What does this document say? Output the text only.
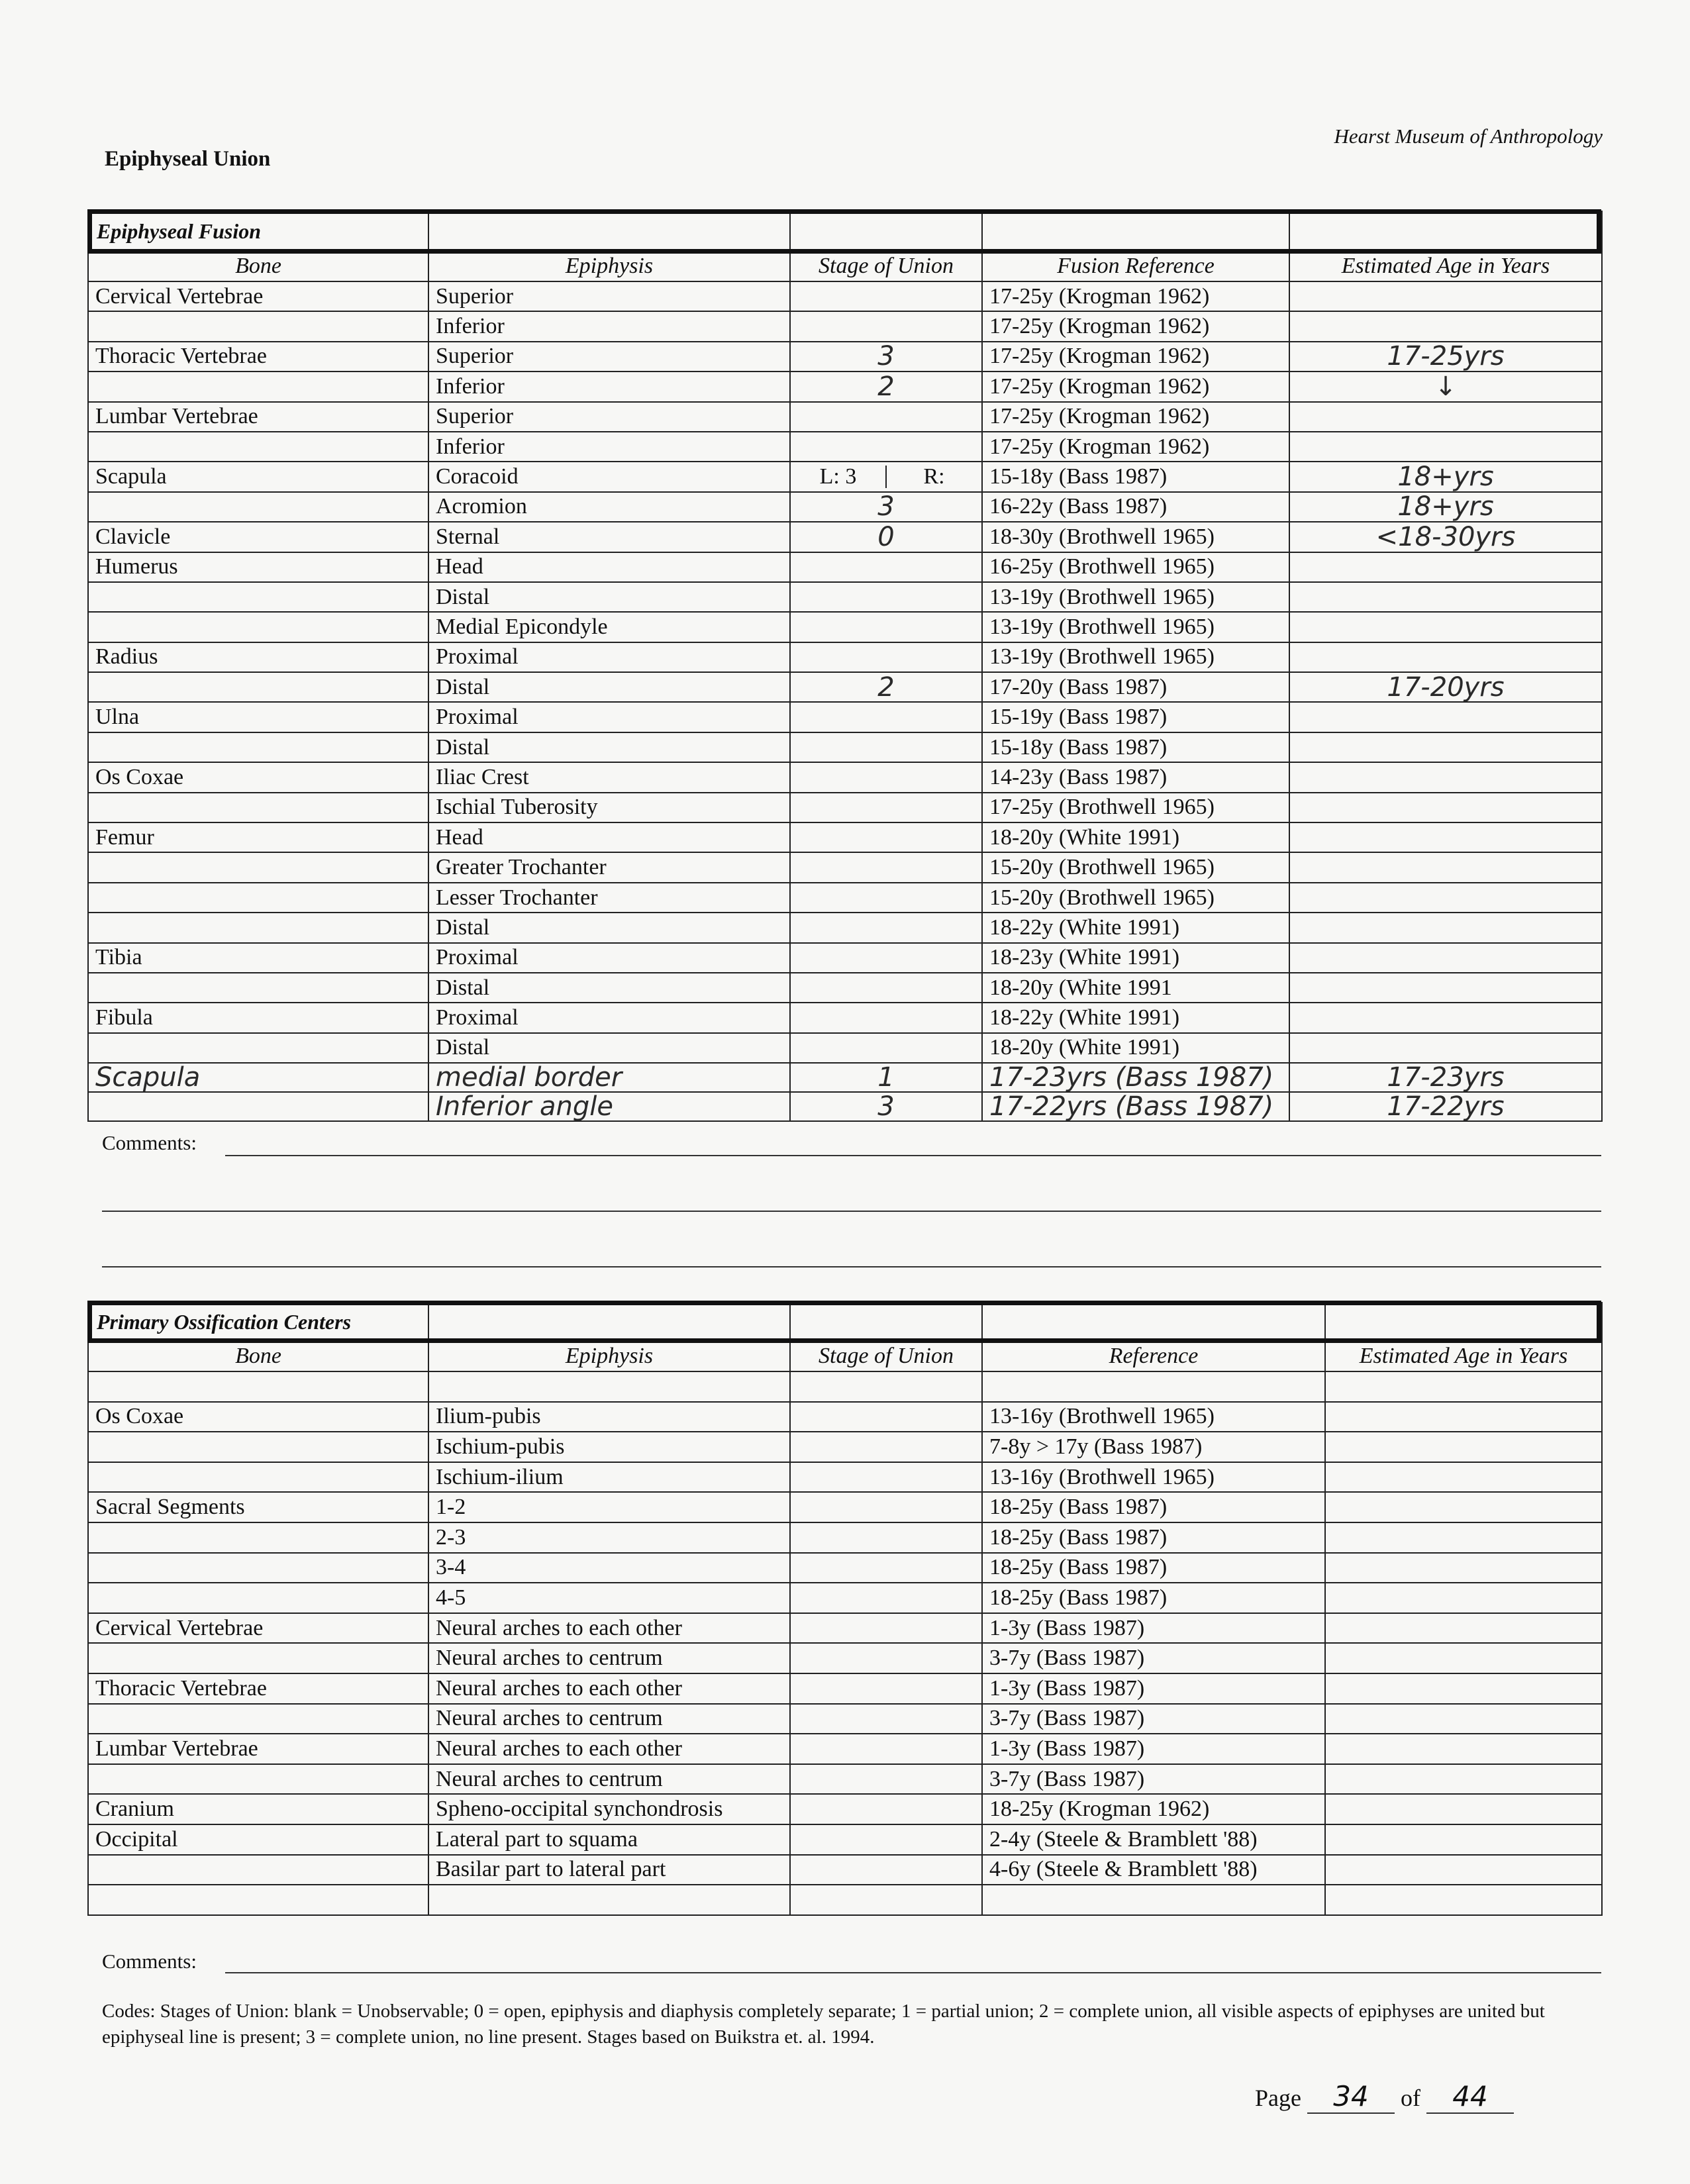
Hearst Museum of Anthropology
Epiphyseal Union
Epiphyseal Fusion				
Bone	Epiphysis	Stage of Union	Fusion Reference	Estimated Age in Years
Cervical Vertebrae	Superior		17-25y (Krogman 1962)	
	Inferior		17-25y (Krogman 1962)	
Thoracic Vertebrae	Superior	3	17-25y (Krogman 1962)	17-25yrs
	Inferior	2	17-25y (Krogman 1962)	↓
Lumbar Vertebrae	Superior		17-25y (Krogman 1962)	
	Inferior		17-25y (Krogman 1962)	
Scapula	Coracoid	L: 3 R:	15-18y (Bass 1987)	18+yrs
	Acromion	3	16-22y (Bass 1987)	18+yrs
Clavicle	Sternal	0	18-30y (Brothwell 1965)	<18-30yrs
Humerus	Head		16-25y (Brothwell 1965)	
	Distal		13-19y (Brothwell 1965)	
	Medial Epicondyle		13-19y (Brothwell 1965)	
Radius	Proximal		13-19y (Brothwell 1965)	
	Distal	2	17-20y (Bass 1987)	17-20yrs
Ulna	Proximal		15-19y (Bass 1987)	
	Distal		15-18y (Bass 1987)	
Os Coxae	Iliac Crest		14-23y (Bass 1987)	
	Ischial Tuberosity		17-25y (Brothwell 1965)	
Femur	Head		18-20y (White 1991)	
	Greater Trochanter		15-20y (Brothwell 1965)	
	Lesser Trochanter		15-20y (Brothwell 1965)	
	Distal		18-22y (White 1991)	
Tibia	Proximal		18-23y (White 1991)	
	Distal		18-20y (White 1991	
Fibula	Proximal		18-22y (White 1991)	
	Distal		18-20y (White 1991)	
Scapula	medial border	1	17-23yrs (Bass 1987)	17-23yrs
	Inferior angle	3	17-22yrs (Bass 1987)	17-22yrs
Comments:
Primary Ossification Centers				
Bone	Epiphysis	Stage of Union	Reference	Estimated Age in Years

Os Coxae	Ilium-pubis		13-16y (Brothwell 1965)	
	Ischium-pubis		7-8y > 17y (Bass 1987)	
	Ischium-ilium		13-16y (Brothwell 1965)	
Sacral Segments	1-2		18-25y (Bass 1987)	
	2-3		18-25y (Bass 1987)	
	3-4		18-25y (Bass 1987)	
	4-5		18-25y (Bass 1987)	
Cervical Vertebrae	Neural arches to each other		1-3y (Bass 1987)	
	Neural arches to centrum		3-7y (Bass 1987)	
Thoracic Vertebrae	Neural arches to each other		1-3y (Bass 1987)	
	Neural arches to centrum		3-7y (Bass 1987)	
Lumbar Vertebrae	Neural arches to each other		1-3y (Bass 1987)	
	Neural arches to centrum		3-7y (Bass 1987)	
Cranium	Spheno-occipital synchondrosis		18-25y (Krogman 1962)	
Occipital	Lateral part to squama		2-4y (Steele & Bramblett '88)	
	Basilar part to lateral part		4-6y (Steele & Bramblett '88)	

Comments:
Codes: Stages of Union: blank = Unobservable; 0 = open, epiphysis and diaphysis completely separate; 1 = partial union; 2 = complete union, all visible aspects of epiphyses are united but epiphyseal line is present; 3 = complete union, no line present. Stages based on Buikstra et. al. 1994.
Page 34 of 44
